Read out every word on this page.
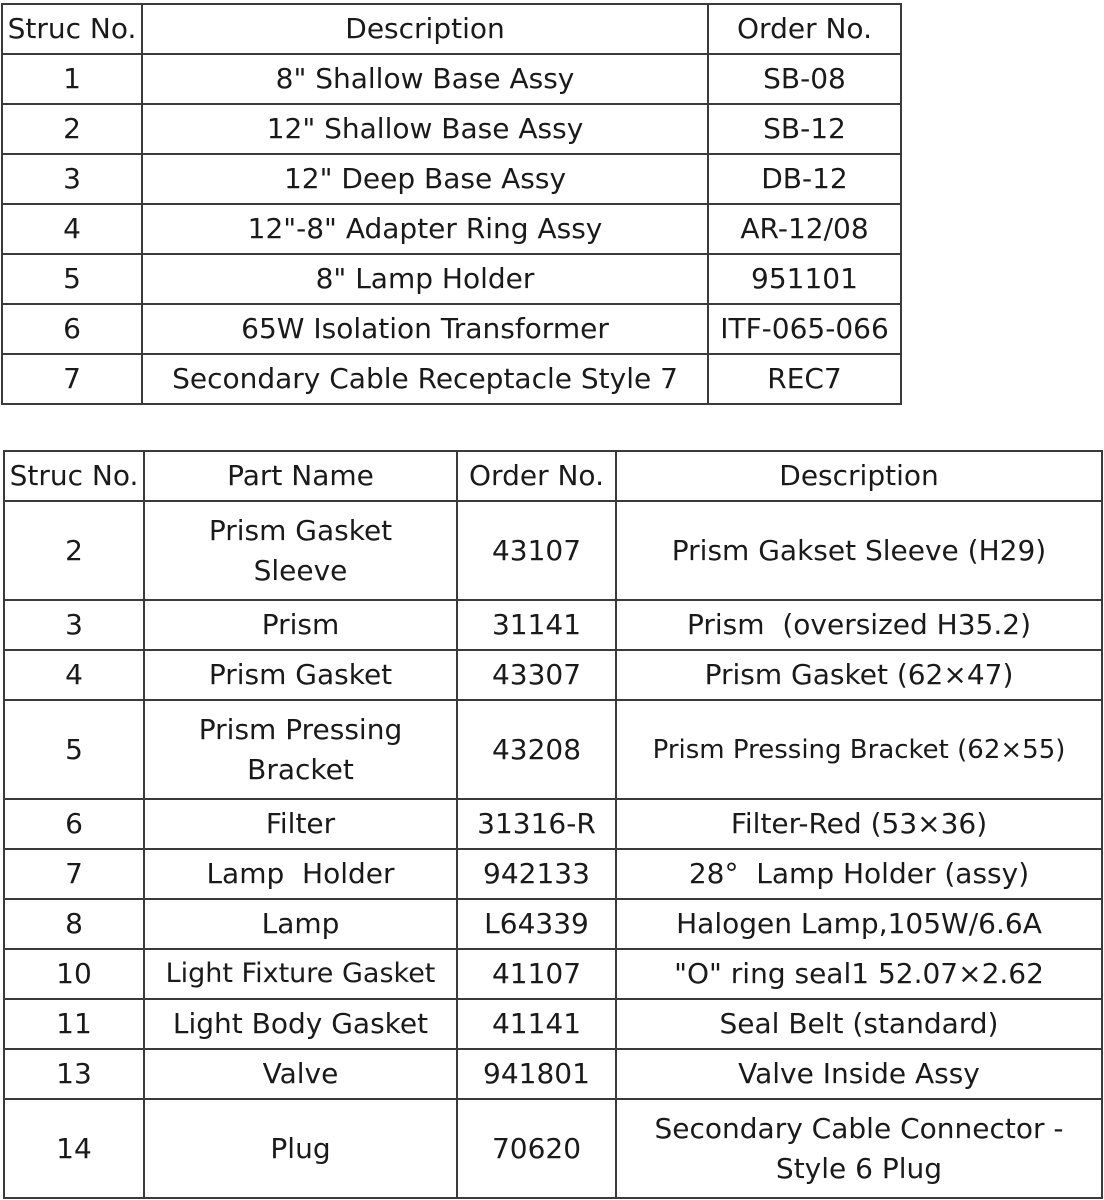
Struc No.	Description	Order No.
1	8" Shallow Base Assy	SB-08
2	12" Shallow Base Assy	SB-12
3	12" Deep Base Assy	DB-12
4	12"-8" Adapter Ring Assy	AR-12/08
5	8" Lamp Holder	951101
6	65W Isolation Transformer	ITF-065-066
7	Secondary Cable Receptacle Style 7	REC7
Struc No.	Part Name	Order No.	Description
2	Prism Gasket Sleeve	43107	Prism Gakset Sleeve (H29)
3	Prism	31141	Prism  (oversized H35.2)
4	Prism Gasket	43307	Prism Gasket (62×47)
5	Prism Pressing Bracket	43208	Prism Pressing Bracket (62×55)
6	Filter	31316-R	Filter-Red (53×36)
7	Lamp  Holder	942133	28°  Lamp Holder (assy)
8	Lamp	L64339	Halogen Lamp,105W/6.6A
10	Light Fixture Gasket	41107	"O" ring seal1 52.07×2.62
11	Light Body Gasket	41141	Seal Belt (standard)
13	Valve	941801	Valve Inside Assy
14	Plug	70620	Secondary Cable Connector - Style 6 Plug
